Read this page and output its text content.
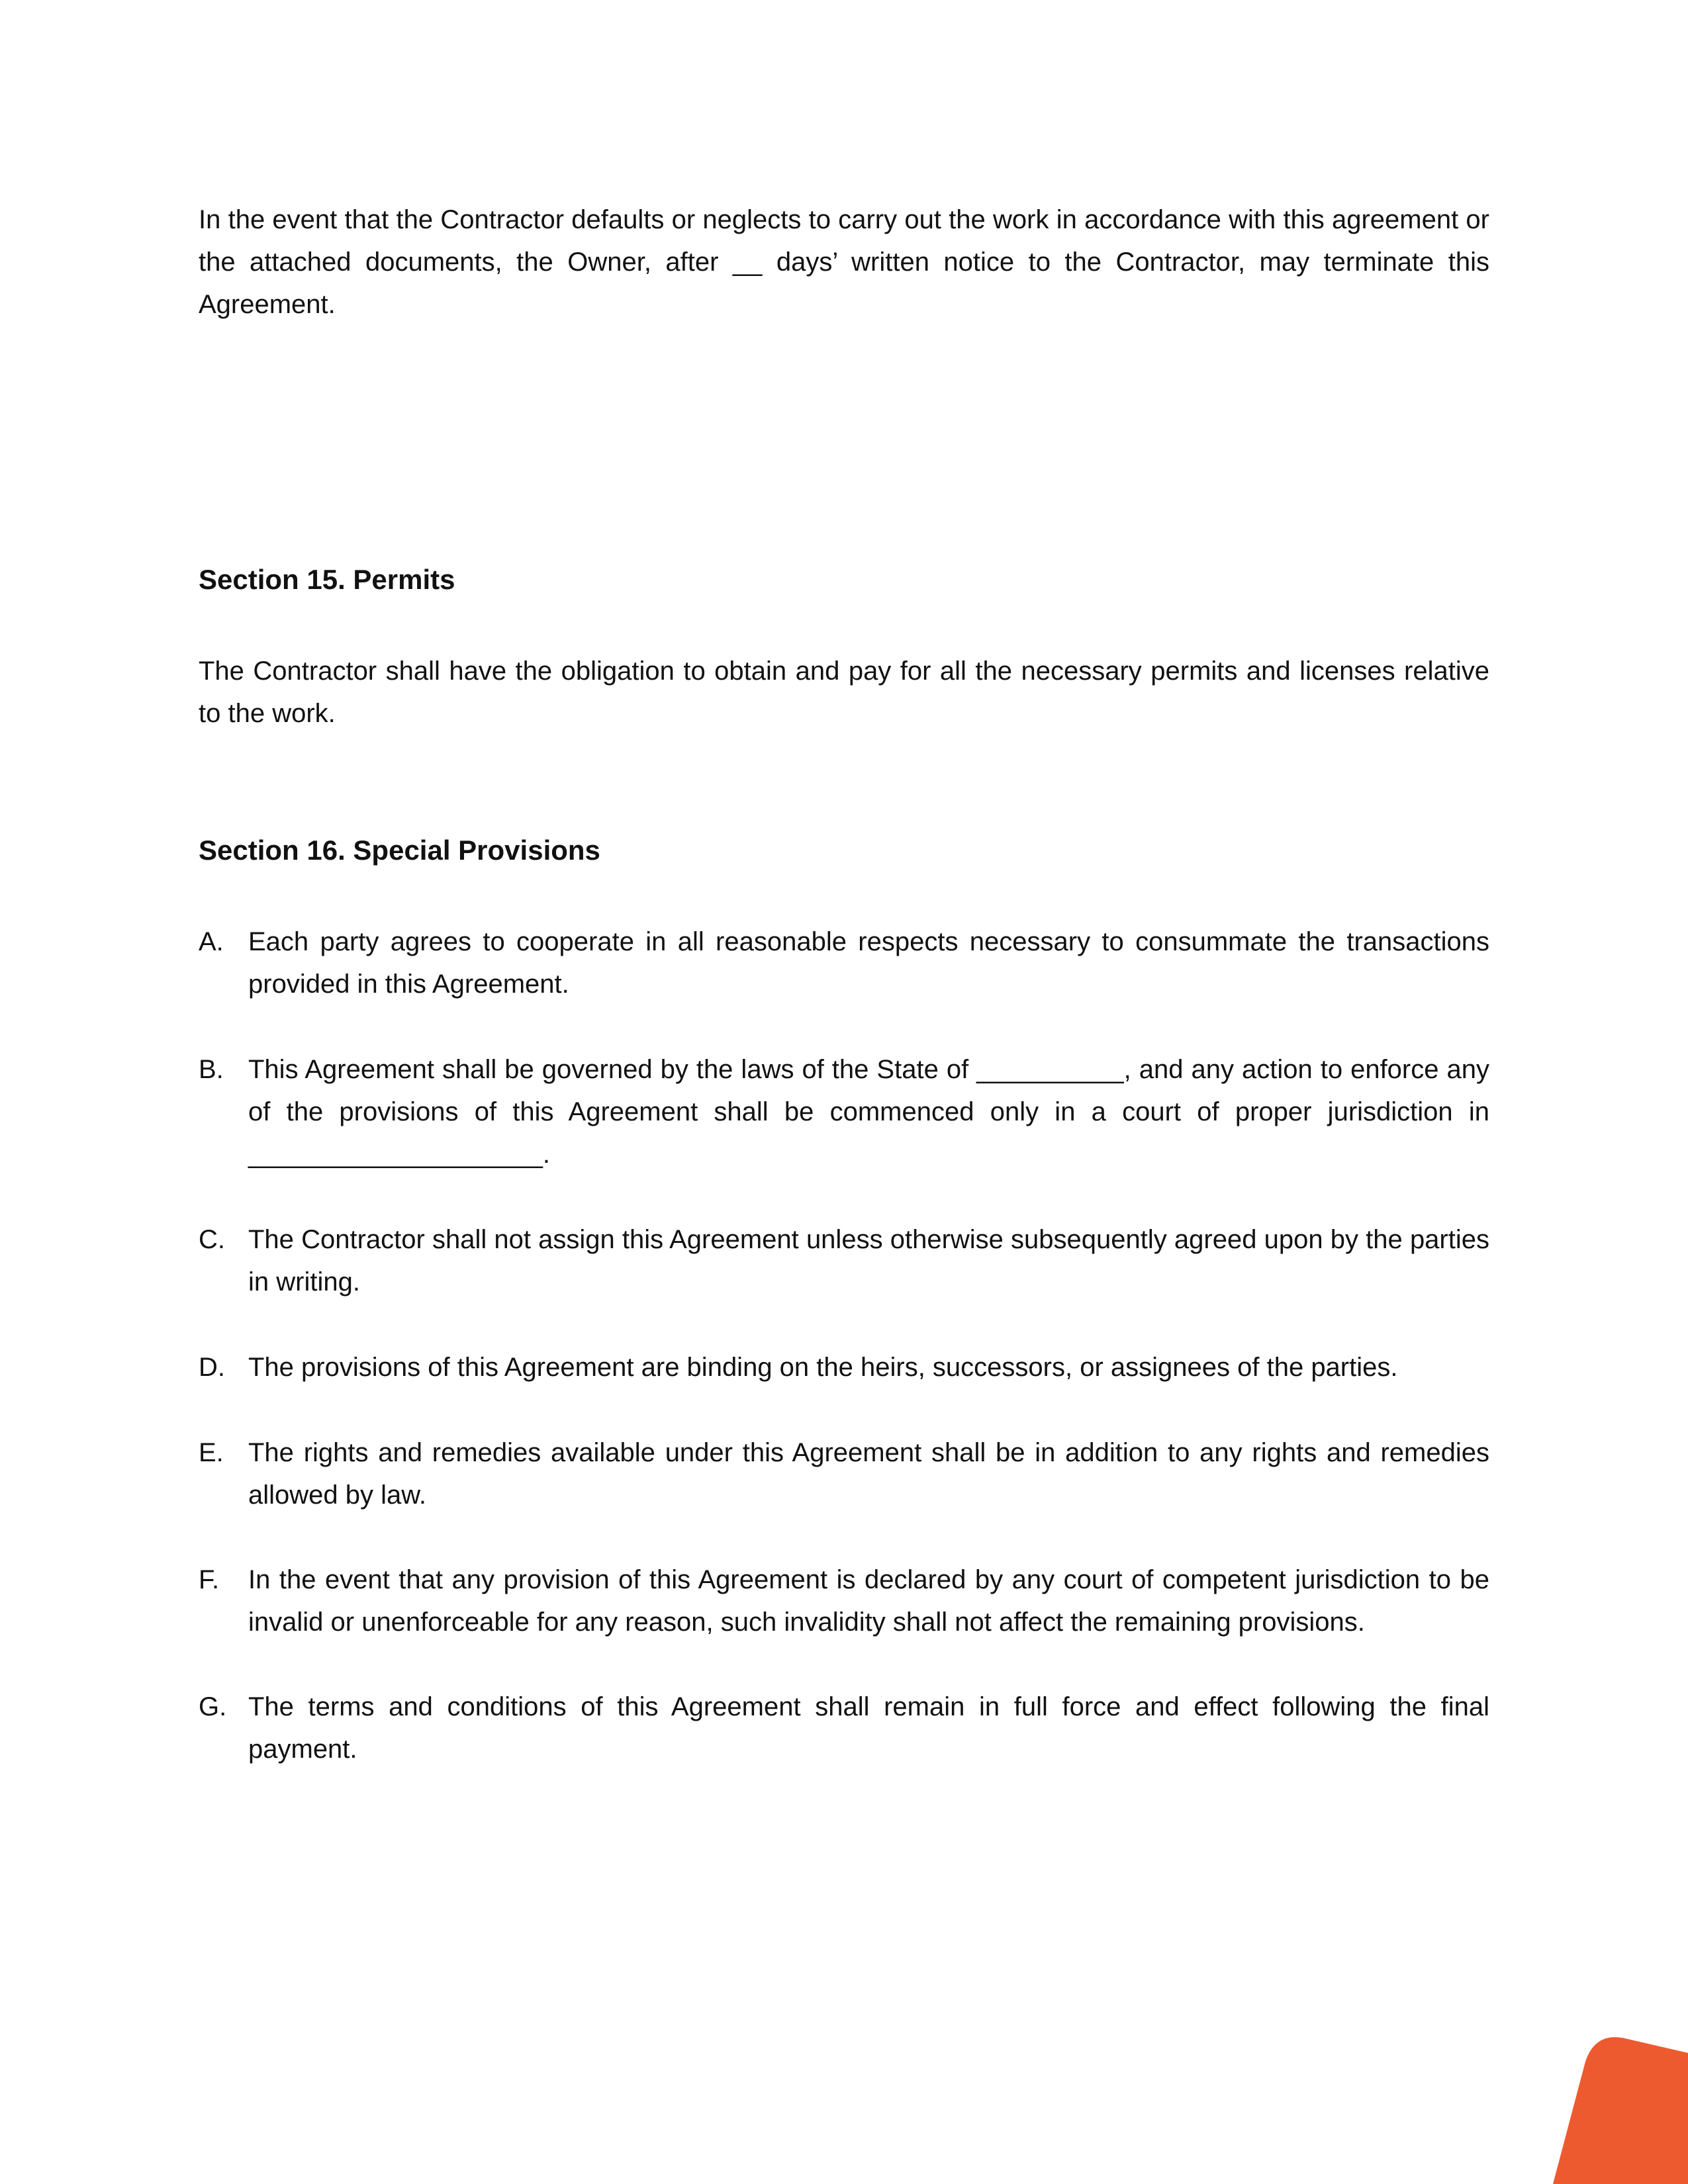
In the event that the Contractor defaults or neglects to carry out the work in accordance with this agreement or the attached documents, the Owner, after __ days’ written notice to the Contractor, may terminate this Agreement.
Section 15. Permits
The Contractor shall have the obligation to obtain and pay for all the necessary permits and licenses relative to the work.
Section 16. Special Provisions
A. Each party agrees to cooperate in all reasonable respects necessary to consummate the transactions provided in this Agreement.
B. This Agreement shall be governed by the laws of the State of __________, and any action to enforce any of the provisions of this Agreement shall be commenced only in a court of proper jurisdiction in ____________________.
C. The Contractor shall not assign this Agreement unless otherwise subsequently agreed upon by the parties in writing.
D. The provisions of this Agreement are binding on the heirs, successors, or assignees of the parties.
E. The rights and remedies available under this Agreement shall be in addition to any rights and remedies allowed by law.
F.	In the event that any provision of this Agreement is declared by any court of competent jurisdiction to be invalid or unenforceable for any reason, such invalidity shall not affect the remaining provisions.
G. The terms and conditions of this Agreement shall remain in full force and effect following the final payment.
